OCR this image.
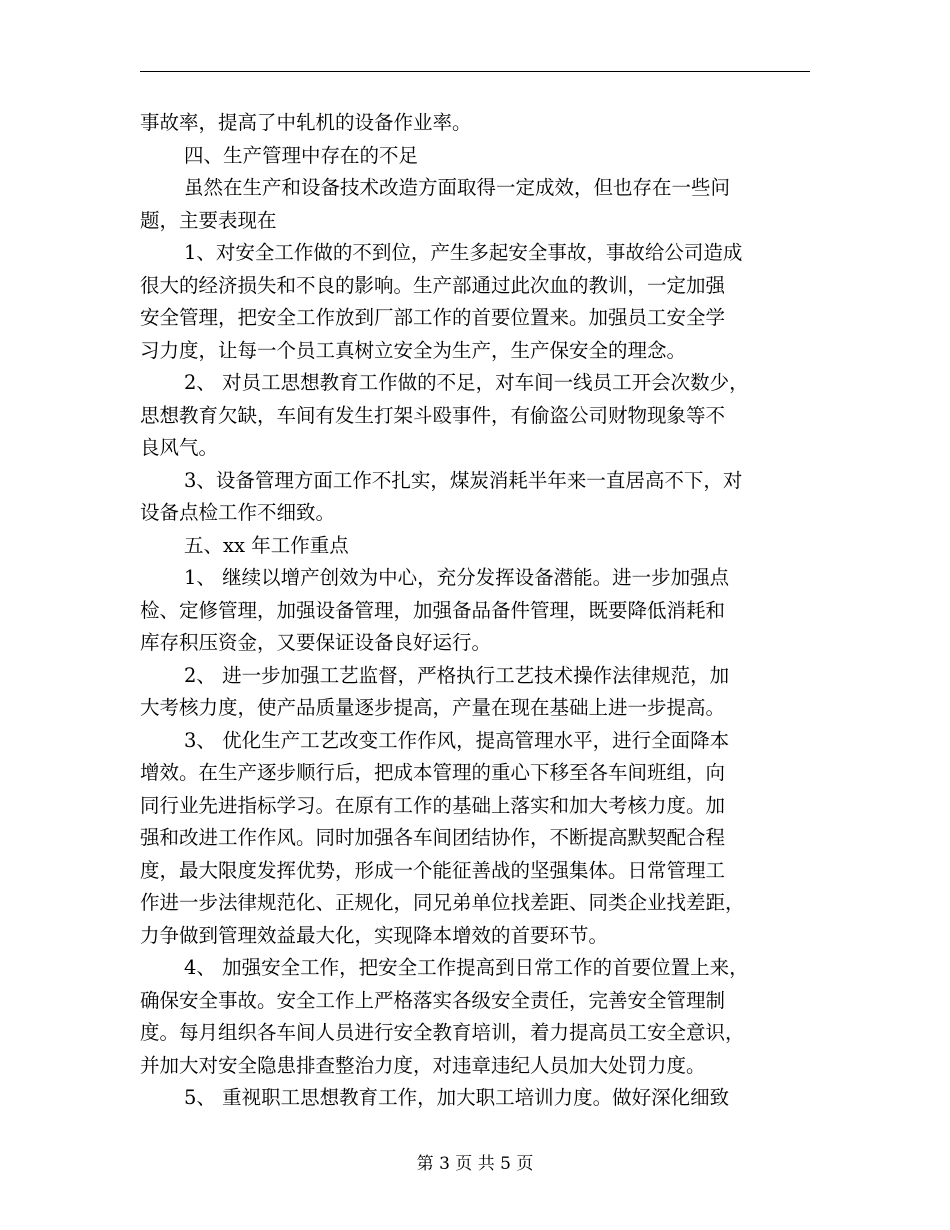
事故率，提高了中轧机的设备作业率。
四、生产管理中存在的不足
虽然在生产和设备技术改造方面取得一定成效，但也存在一些问
题，主要表现在
1、对安全工作做的不到位，产生多起安全事故，事故给公司造成
很大的经济损失和不良的影响。生产部通过此次血的教训，一定加强
安全管理，把安全工作放到厂部工作的首要位置来。加强员工安全学
习力度，让每一个员工真树立安全为生产，生产保安全的理念。
2、 对员工思想教育工作做的不足，对车间一线员工开会次数少，
思想教育欠缺，车间有发生打架斗殴事件，有偷盗公司财物现象等不
良风气。
3、设备管理方面工作不扎实，煤炭消耗半年来一直居高不下，对
设备点检工作不细致。
五、xx 年工作重点
1、 继续以增产创效为中心，充分发挥设备潜能。进一步加强点
检、定修管理，加强设备管理，加强备品备件管理，既要降低消耗和
库存积压资金，又要保证设备良好运行。
2、 进一步加强工艺监督，严格执行工艺技术操作法律规范，加
大考核力度，使产品质量逐步提高，产量在现在基础上进一步提高。
3、 优化生产工艺改变工作作风，提高管理水平，进行全面降本
增效。在生产逐步顺行后，把成本管理的重心下移至各车间班组，向
同行业先进指标学习。在原有工作的基础上落实和加大考核力度。加
强和改进工作作风。同时加强各车间团结协作，不断提高默契配合程
度，最大限度发挥优势，形成一个能征善战的坚强集体。日常管理工
作进一步法律规范化、正规化，同兄弟单位找差距、同类企业找差距，
力争做到管理效益最大化，实现降本增效的首要环节。
4、 加强安全工作，把安全工作提高到日常工作的首要位置上来，
确保安全事故。安全工作上严格落实各级安全责任，完善安全管理制
度。每月组织各车间人员进行安全教育培训，着力提高员工安全意识，
并加大对安全隐患排查整治力度，对违章违纪人员加大处罚力度。
5、 重视职工思想教育工作，加大职工培训力度。做好深化细致
第 3 页 共 5 页
